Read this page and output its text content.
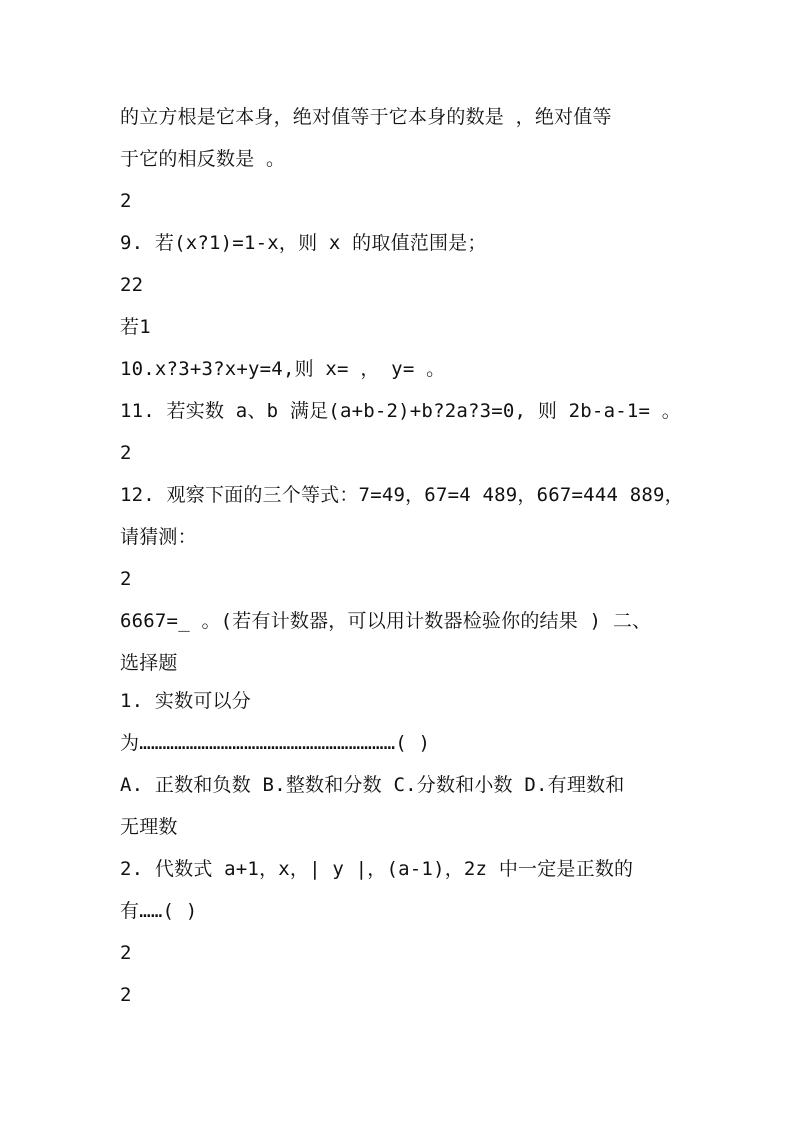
的立方根是它本身，绝对值等于它本身的数是 ，绝对值等
于它的相反数是 。
2
9. 若(x?1)=1-x，则 x 的取值范围是；
22
若1
10.x?3+3?x+y=4,则 x= ， y= 。
11. 若实数 a、b 满足(a+b-2)+b?2a?3=0, 则 2b-a-1= 。
2
12. 观察下面的三个等式：7=49，67=4 489，667=444 889，
请猜测：
2
6667=_ 。(若有计数器，可以用计数器检验你的结果 ) 二、
选择题
1. 实数可以分
为…………………………………………………………( )
A. 正数和负数 B.整数和分数 C.分数和小数 D.有理数和
无理数
2. 代数式 a+1，x，| y |，(a-1)，2z 中一定是正数的
有……( )
2
2
